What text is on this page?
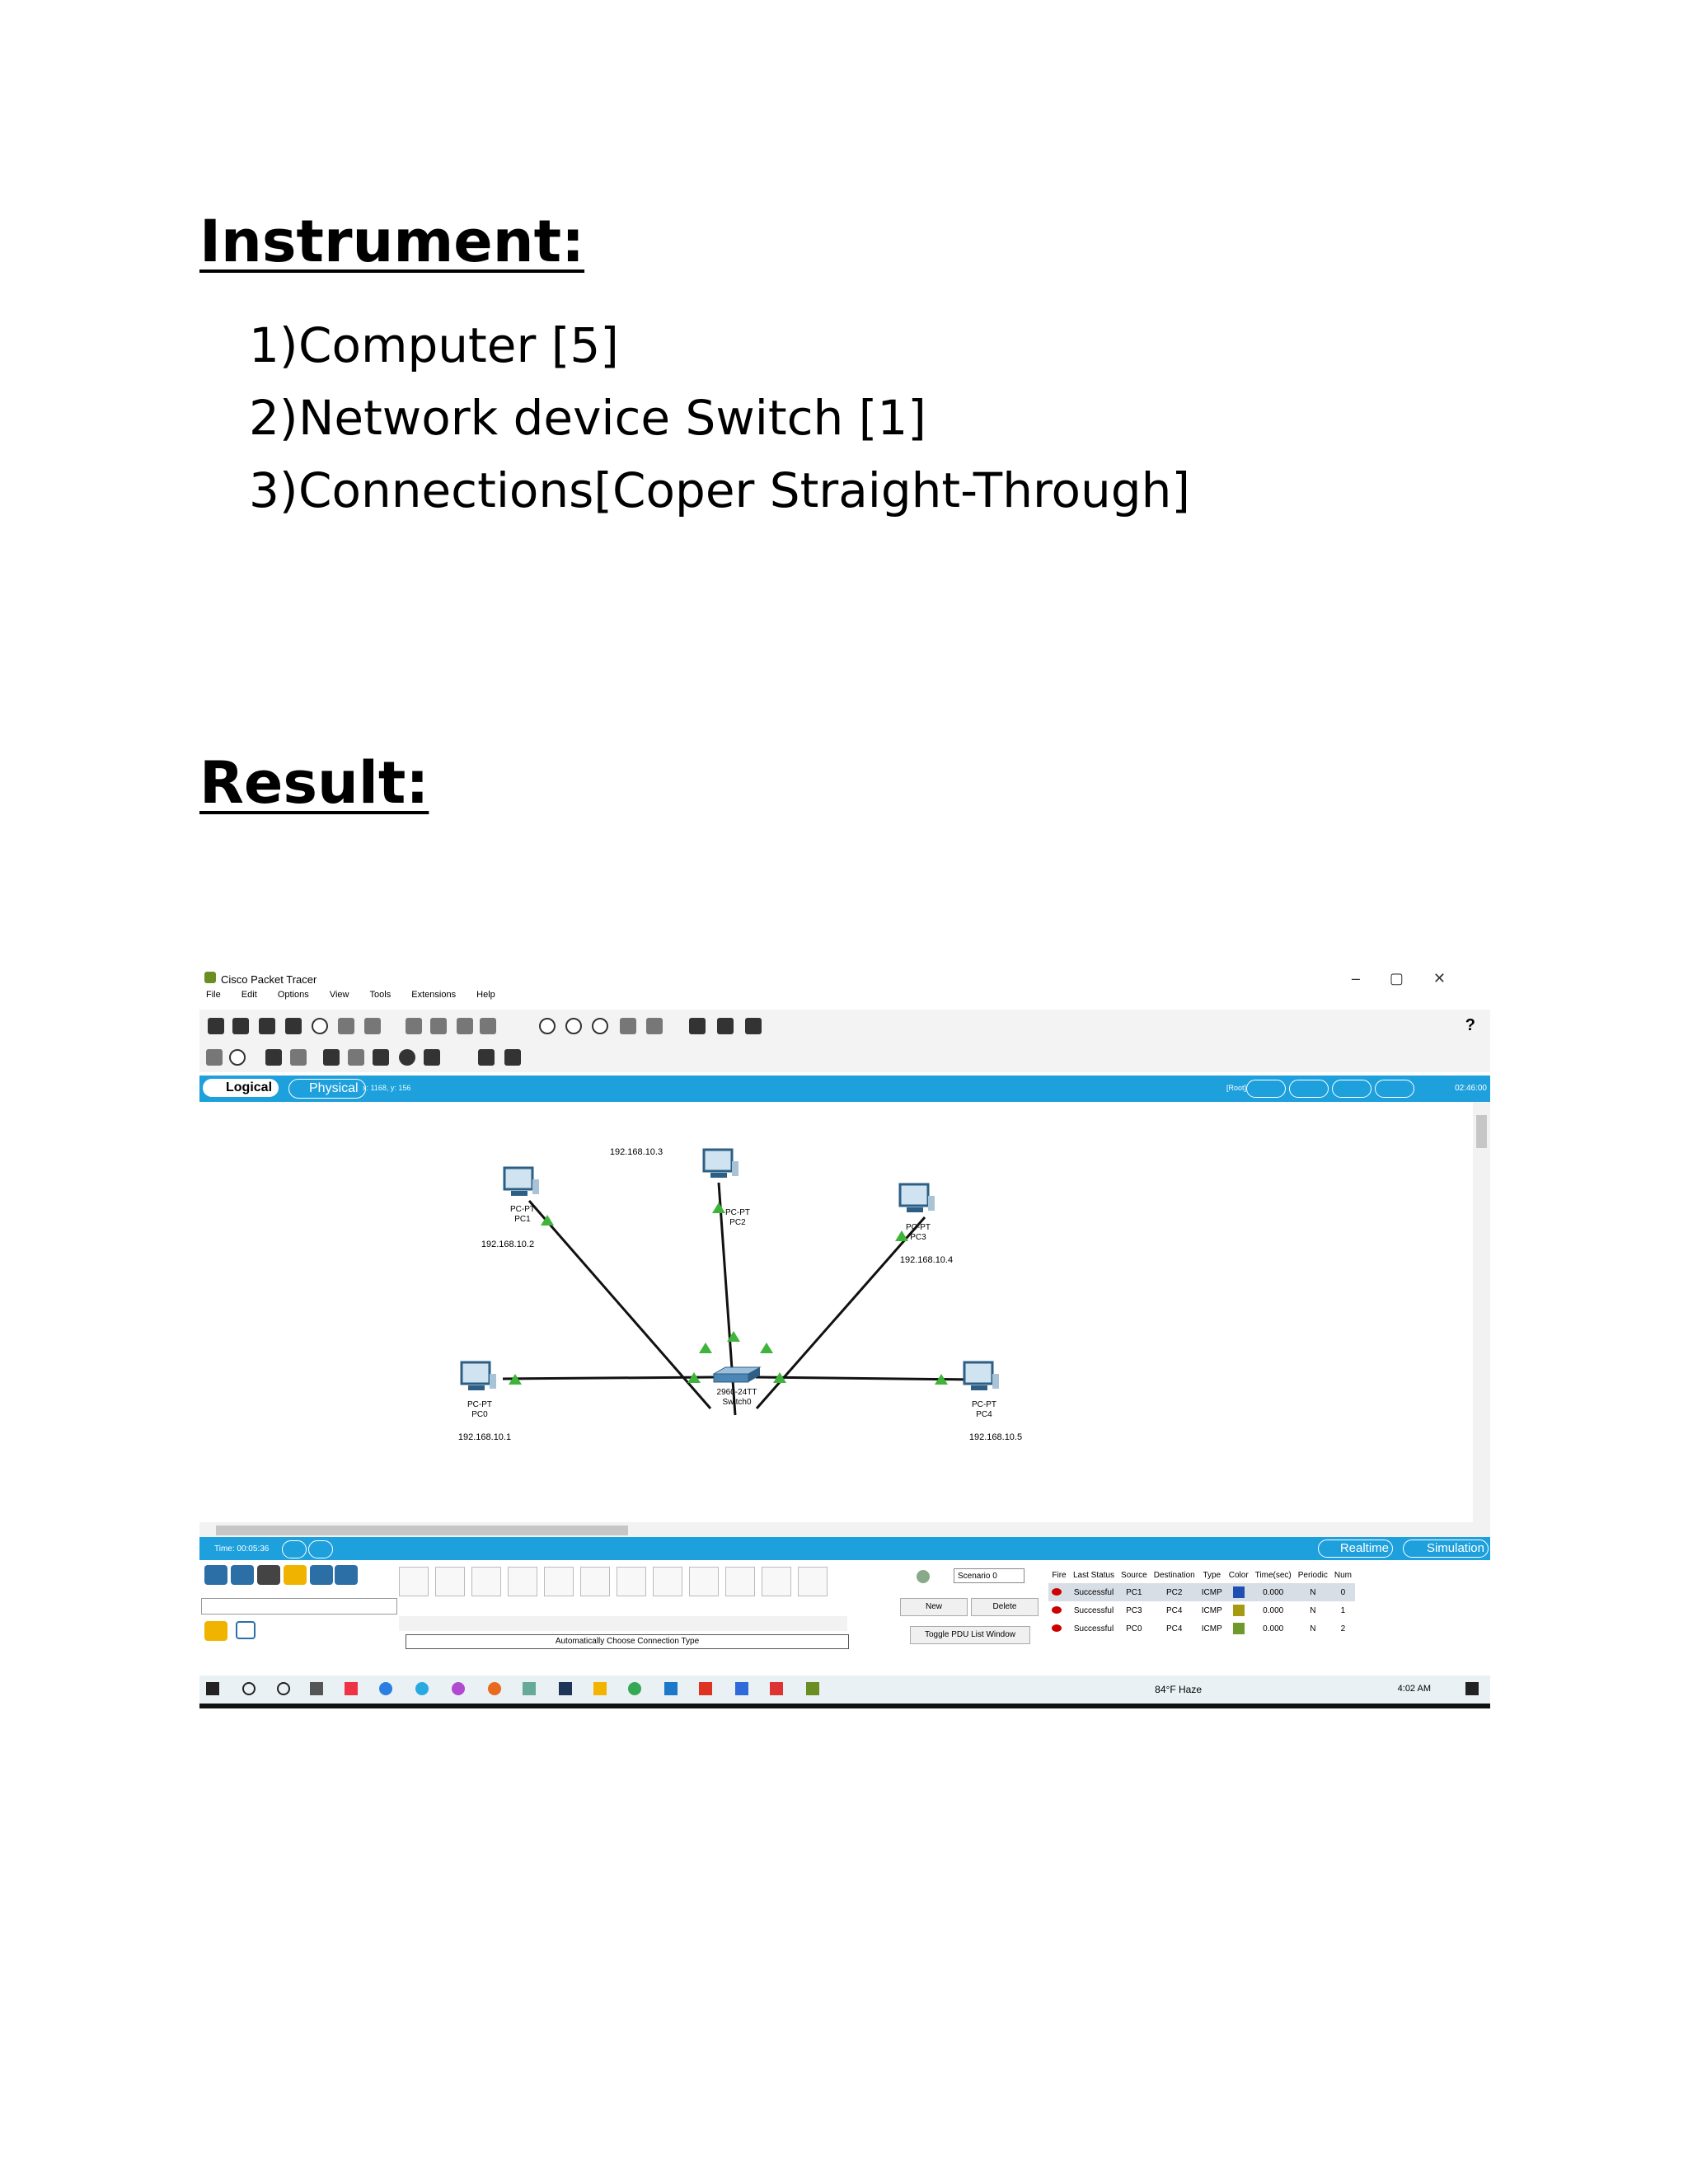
Instrument:
1)Computer [5]
2)Network device Switch [1]
3)Connections[Coper Straight-Through]
Result:
Cisco Packet Tracer	–▢✕
File Edit Options View Tools Extensions Help
?
Logical	Physical x: 1168, y: 156	[Root]	02:46:00
PC-PT
PC2
192.168.10.3
PC-PT
PC1
192.168.10.2
PC-PT
PC3
192.168.10.4
PC-PT
PC0
192.168.10.1
PC-PT
PC4
192.168.10.5
2960-24TT
Switch0
Time: 00:05:36	Realtime	Simulation
Automatically Choose Connection Type
Scenario 0
New	Delete
Toggle PDU List Window
Fire	Last Status	Source	Destination	Type	Color	Time(sec)	Periodic	Num
	Successful	PC1	PC2	ICMP		0.000	N	0
	Successful	PC3	PC4	ICMP		0.000	N	1
	Successful	PC0	PC4	ICMP		0.000	N	2
84°F Haze	4:02 AM
